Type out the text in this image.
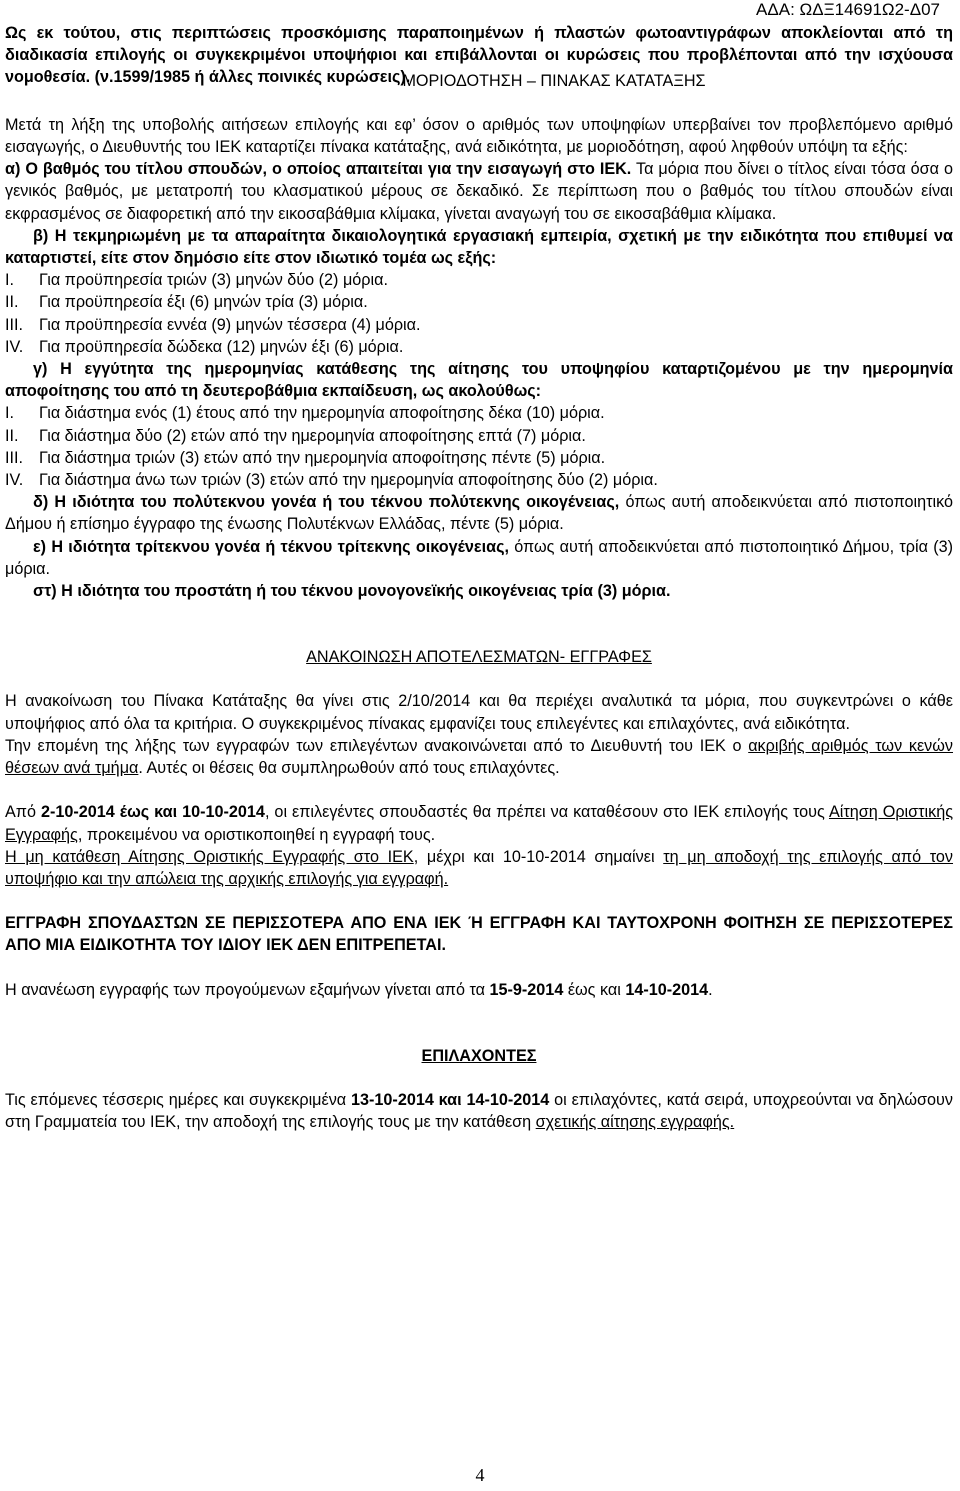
ΑΔΑ: ΩΔΞ14691Ω2-Δ07

Ως εκ τούτου, στις περιπτώσεις προσκόμισης παραποιημένων ή πλαστών φωτοαντιγράφων αποκλείονται από τη διαδικασία επιλογής οι συγκεκριμένοι υποψήφιοι και επιβάλλονται οι κυρώσεις που προβλέπονται από την ισχύουσα νομοθεσία. (ν.1599/1985 ή άλλες ποινικές κυρώσεις).

ΜΟΡΙΟΔΟΤΗΣΗ – ΠΙΝΑΚΑΣ ΚΑΤΑΤΑΞΗΣ

Μετά τη λήξη της υποβολής αιτήσεων επιλογής και εφ’ όσον ο αριθμός των υποψηφίων υπερβαίνει τον προβλεπόμενο αριθμό εισαγωγής, ο Διευθυντής του ΙΕΚ καταρτίζει πίνακα κατάταξης, ανά ειδικότητα, με μοριοδότηση, αφού ληφθούν υπόψη τα εξής:

α) Ο βαθμός του τίτλου σπουδών, ο οποίος απαιτείται για την εισαγωγή στο ΙΕΚ. Τα μόρια που δίνει ο τίτλος είναι τόσα όσα ο γενικός βαθμός, με μετατροπή του κλασματικού μέρους σε δεκαδικό. Σε περίπτωση που ο βαθμός του τίτλου σπουδών είναι εκφρασμένος σε διαφορετική από την εικοσαβάθμια κλίμακα, γίνεται αναγωγή του σε εικοσαβάθμια κλίμακα.

β) Η τεκμηριωμένη με τα απαραίτητα δικαιολογητικά εργασιακή εμπειρία, σχετική με την ειδικότητα που επιθυμεί να καταρτιστεί, είτε στον δημόσιο είτε στον ιδιωτικό τομέα ως εξής:

Ι. Για προϋπηρεσία τριών (3) μηνών δύο (2) μόρια.
ΙΙ. Για προϋπηρεσία έξι (6) μηνών τρία (3) μόρια.
ΙΙΙ. Για προϋπηρεσία εννέα (9) μηνών τέσσερα (4) μόρια.
IV. Για προϋπηρεσία δώδεκα (12) μηνών έξι (6) μόρια.

γ) Η εγγύτητα της ημερομηνίας κατάθεσης της αίτησης του υποψηφίου καταρτιζομένου με την ημερομηνία αποφοίτησης του από τη δευτεροβάθμια εκπαίδευση, ως ακολούθως:

Ι. Για διάστημα ενός (1) έτους από την ημερομηνία αποφοίτησης δέκα (10) μόρια.
ΙΙ. Για διάστημα δύο (2) ετών από την ημερομηνία αποφοίτησης επτά (7) μόρια.
ΙΙΙ. Για διάστημα τριών (3) ετών από την ημερομηνία αποφοίτησης πέντε (5) μόρια.
IV. Για διάστημα άνω των τριών (3) ετών από την ημερομηνία αποφοίτησης δύο (2) μόρια.

δ) Η ιδιότητα του πολύτεκνου γονέα ή του τέκνου πολύτεκνης οικογένειας, όπως αυτή αποδεικνύεται από πιστοποιητικό Δήμου ή επίσημο έγγραφο της ένωσης Πολυτέκνων Ελλάδας, πέντε (5) μόρια.

ε) Η ιδιότητα τρίτεκνου γονέα ή τέκνου τρίτεκνης οικογένειας, όπως αυτή αποδεικνύεται από πιστοποιητικό Δήμου, τρία (3) μόρια.

στ) Η ιδιότητα του προστάτη ή του τέκνου μονογονεϊκής οικογένειας τρία (3) μόρια.

ΑΝΑΚΟΙΝΩΣΗ ΑΠΟΤΕΛΕΣΜΑΤΩΝ- ΕΓΓΡΑΦΕΣ

Η ανακοίνωση του Πίνακα Κατάταξης θα γίνει στις 2/10/2014 και θα περιέχει αναλυτικά τα μόρια, που συγκεντρώνει ο κάθε υποψήφιος από όλα τα κριτήρια. Ο συγκεκριμένος πίνακας εμφανίζει τους επιλεγέντες και επιλαχόντες, ανά ειδικότητα.

Την επομένη της λήξης των εγγραφών των επιλεγέντων ανακοινώνεται από το Διευθυντή του ΙΕΚ ο ακριβής αριθμός των κενών θέσεων ανά τμήμα. Αυτές οι θέσεις θα συμπληρωθούν από τους επιλαχόντες.

Από 2-10-2014 έως και 10-10-2014, οι επιλεγέντες σπουδαστές θα πρέπει να καταθέσουν στο ΙΕΚ επιλογής τους Αίτηση Οριστικής Εγγραφής, προκειμένου να οριστικοποιηθεί η εγγραφή τους.

Η μη κατάθεση Αίτησης Οριστικής Εγγραφής στο ΙΕΚ, μέχρι και 10-10-2014 σημαίνει τη μη αποδοχή της επιλογής από τον υποψήφιο και την απώλεια της αρχικής επιλογής για εγγραφή.

ΕΓΓΡΑΦΗ ΣΠΟΥΔΑΣΤΩΝ ΣΕ ΠΕΡΙΣΣΟΤΕΡΑ ΑΠΟ ΕΝΑ ΙΕΚ Ή ΕΓΓΡΑΦΗ ΚΑΙ ΤΑΥΤΟΧΡΟΝΗ ΦΟΙΤΗΣΗ ΣΕ ΠΕΡΙΣΣΟΤΕΡΕΣ ΑΠΟ ΜΙΑ ΕΙΔΙΚΟΤΗΤΑ ΤΟΥ ΙΔΙΟΥ ΙΕΚ ΔΕΝ ΕΠΙΤΡΕΠΕΤΑΙ.

Η ανανέωση εγγραφής των προγούμενων εξαμήνων γίνεται από τα 15-9-2014 έως και 14-10-2014.

ΕΠΙΛΑΧΟΝΤΕΣ

Τις επόμενες τέσσερις ημέρες και συγκεκριμένα 13-10-2014 και 14-10-2014 οι επιλαχόντες, κατά σειρά, υποχρεούνται να δηλώσουν στη Γραμματεία του ΙΕΚ, την αποδοχή της επιλογής τους με την κατάθεση σχετικής αίτησης εγγραφής.

4
